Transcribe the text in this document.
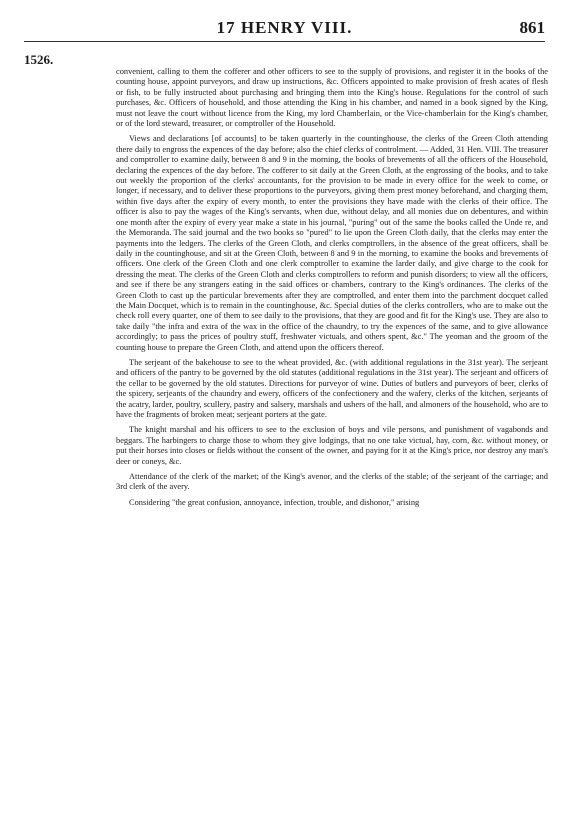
17 HENRY VIII.	861
1526.

convenient, calling to them the cofferer and other officers to see to the supply of provisions, and register it in the books of the counting house, appoint purveyors, and draw up instructions, &c. Officers appointed to make provision of fresh acates of flesh or fish, to be fully instructed about purchasing and bringing them into the King's house. Regulations for the control of such purchases, &c. Officers of household, and those attending the King in his chamber, and named in a book signed by the King, must not leave the court without licence from the King, my lord Chamberlain, or the Vice-chamberlain for the King's chamber, or of the lord steward, treasurer, or comptroller of the Household.

Views and declarations [of accounts] to be taken quarterly in the countinghouse, the clerks of the Green Cloth attending there daily to engross the expences of the day before; also the chief clerks of controlment. — Added, 31 Hen. VIII. The treasurer and comptroller to examine daily, between 8 and 9 in the morning, the books of brevements of all the officers of the Household, declaring the expences of the day before. The cofferer to sit daily at the Green Cloth, at the engrossing of the books, and to take out weekly the proportion of the clerks' accountants, for the provision to be made in every office for the week to come, or longer, if necessary, and to deliver these proportions to the purveyors, giving them prest money beforehand, and charging them, within five days after the expiry of every month, to enter the provisions they have made with the clerks of their office. The officer is also to pay the wages of the King's servants, when due, without delay, and all monies due on debentures, and within one month after the expiry of every year make a state in his journal, "puring" out of the same the books called the Unde re, and the Memoranda. The said journal and the two books so "pured" to lie upon the Green Cloth daily, that the clerks may enter the payments into the ledgers. The clerks of the Green Cloth, and clerks comptrollers, in the absence of the great officers, shall be daily in the countinghouse, and sit at the Green Cloth, between 8 and 9 in the morning, to examine the books and brevements of officers. One clerk of the Green Cloth and one clerk comptroller to examine the larder daily, and give charge to the cook for dressing the meat. The clerks of the Green Cloth and clerks comptrollers to reform and punish disorders; to view all the officers, and see if there be any strangers eating in the said offices or chambers, contrary to the King's ordinances. The clerks of the Green Cloth to cast up the particular brevements after they are comptrolled, and enter them into the parchment docquet called the Main Docquet, which is to remain in the countinghouse, &c. Special duties of the clerks controllers, who are to make out the check roll every quarter, one of them to see daily to the provisions, that they are good and fit for the King's use. They are also to take daily "the infra and extra of the wax in the office of the chaundry, to try the expences of the same, and to give allowance accordingly; to pass the prices of poultry stuff, freshwater victuals, and others spent, &c." The yeoman and the groom of the counting house to prepare the Green Cloth, and attend upon the officers thereof.

The serjeant of the bakehouse to see to the wheat provided, &c. (with additional regulations in the 31st year). The serjeant and officers of the pantry to be governed by the old statutes (additional regulations in the 31st year). The serjeant and officers of the cellar to be governed by the old statutes. Directions for purveyor of wine. Duties of butlers and purveyors of beer, clerks of the spicery, serjeants of the chaundry and ewery, officers of the confectionery and the wafery, clerks of the kitchen, serjeants of the acatry, larder, poultry, scullery, pastry and salsery, marshals and ushers of the hall, and almoners of the household, who are to have the fragments of broken meat; serjeant porters at the gate.

The knight marshal and his officers to see to the exclusion of boys and vile persons, and punishment of vagabonds and beggars. The harbingers to charge those to whom they give lodgings, that no one take victual, hay, corn, &c. without money, or put their horses into closes or fields without the consent of the owner, and paying for it at the King's price, nor destroy any man's deer or coneys, &c.

Attendance of the clerk of the market; of the King's avenor, and the clerks of the stable; of the serjeant of the carriage; and 3rd clerk of the avery.

Considering "the great confusion, annoyance, infection, trouble, and dishonor," arising
